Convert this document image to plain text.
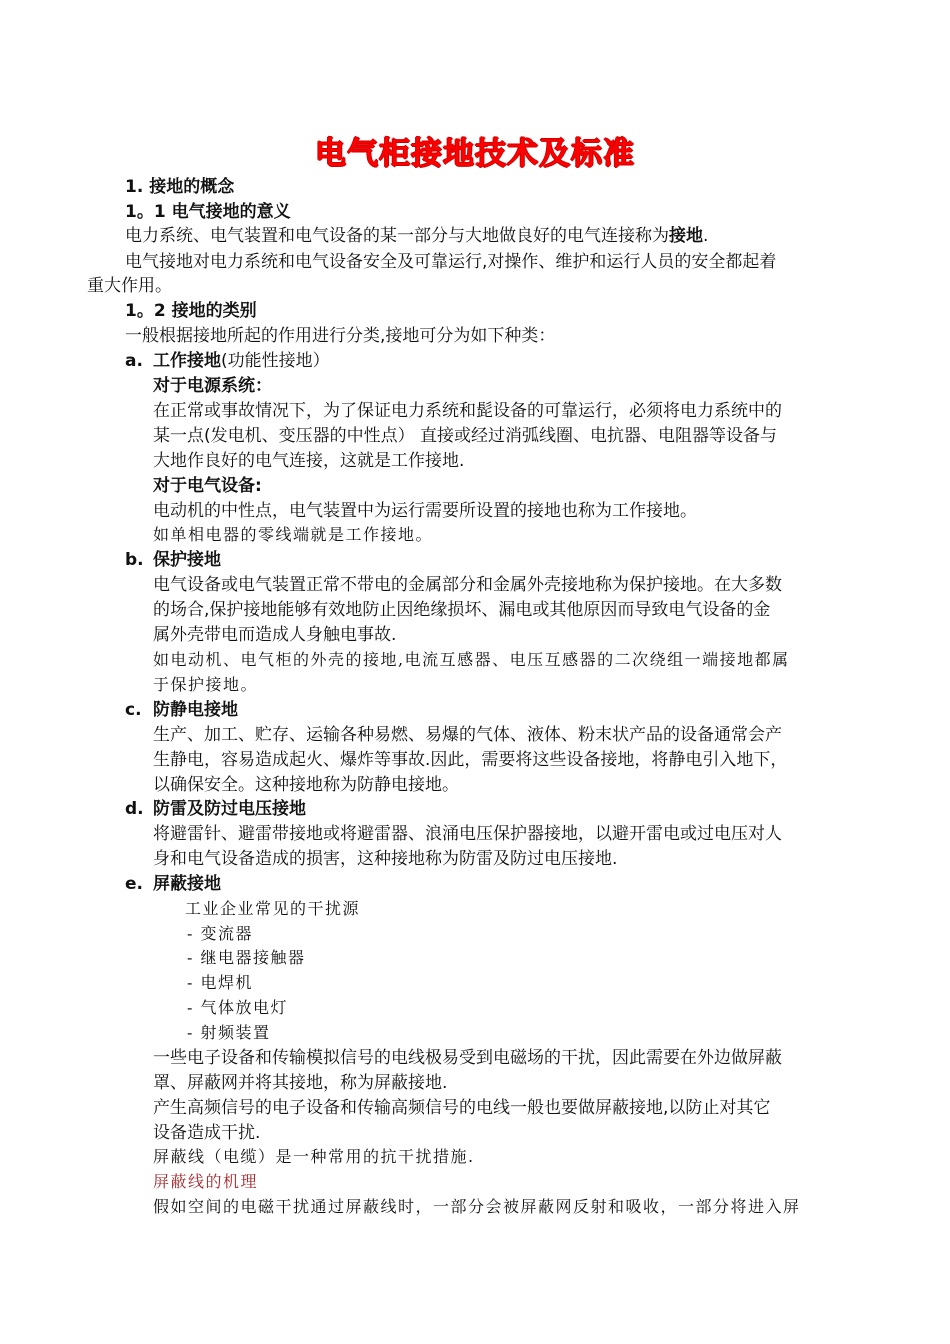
电气柜接地技术及标准
1. 接地的概念
1。1 电气接地的意义
电力系统、电气装置和电气设备的某一部分与大地做良好的电气连接称为接地.
电气接地对电力系统和电气设备安全及可靠运行,对操作、维护和运行人员的安全都起着
重大作用。
1。2 接地的类别
一般根据接地所起的作用进行分类,接地可分为如下种类：
a. 工作接地(功能性接地）
对于电源系统：
在正常或事故情况下，为了保证电力系统和髭设备的可靠运行，必须将电力系统中的
某一点(发电机、变压器的中性点） 直接或经过消弧线圈、电抗器、电阻器等设备与
大地作良好的电气连接，这就是工作接地.
对于电气设备:
电动机的中性点，电气装置中为运行需要所设置的接地也称为工作接地。
如单相电器的零线端就是工作接地。
b. 保护接地
电气设备或电气装置正常不带电的金属部分和金属外壳接地称为保护接地。在大多数
的场合,保护接地能够有效地防止因绝缘损坏、漏电或其他原因而导致电气设备的金
属外壳带电而造成人身触电事故.
如电动机、电气柜的外壳的接地,电流互感器、电压互感器的二次绕组一端接地都属
于保护接地。
c. 防静电接地
生产、加工、贮存、运输各种易燃、易爆的气体、液体、粉末状产品的设备通常会产
生静电，容易造成起火、爆炸等事故.因此，需要将这些设备接地，将静电引入地下，
以确保安全。这种接地称为防静电接地。
d. 防雷及防过电压接地
将避雷针、避雷带接地或将避雷器、浪涌电压保护器接地，以避开雷电或过电压对人
身和电气设备造成的损害，这种接地称为防雷及防过电压接地.
e. 屏蔽接地
工业企业常见的干扰源
- 变流器
- 继电器接触器
- 电焊机
- 气体放电灯
- 射频装置
一些电子设备和传输模拟信号的电线极易受到电磁场的干扰，因此需要在外边做屏蔽
罩、屏蔽网并将其接地，称为屏蔽接地.
产生高频信号的电子设备和传输高频信号的电线一般也要做屏蔽接地,以防止对其它
设备造成干扰.
屏蔽线（电缆）是一种常用的抗干扰措施.
屏蔽线的机理
假如空间的电磁干扰通过屏蔽线时，一部分会被屏蔽网反射和吸收，一部分将进入屏
